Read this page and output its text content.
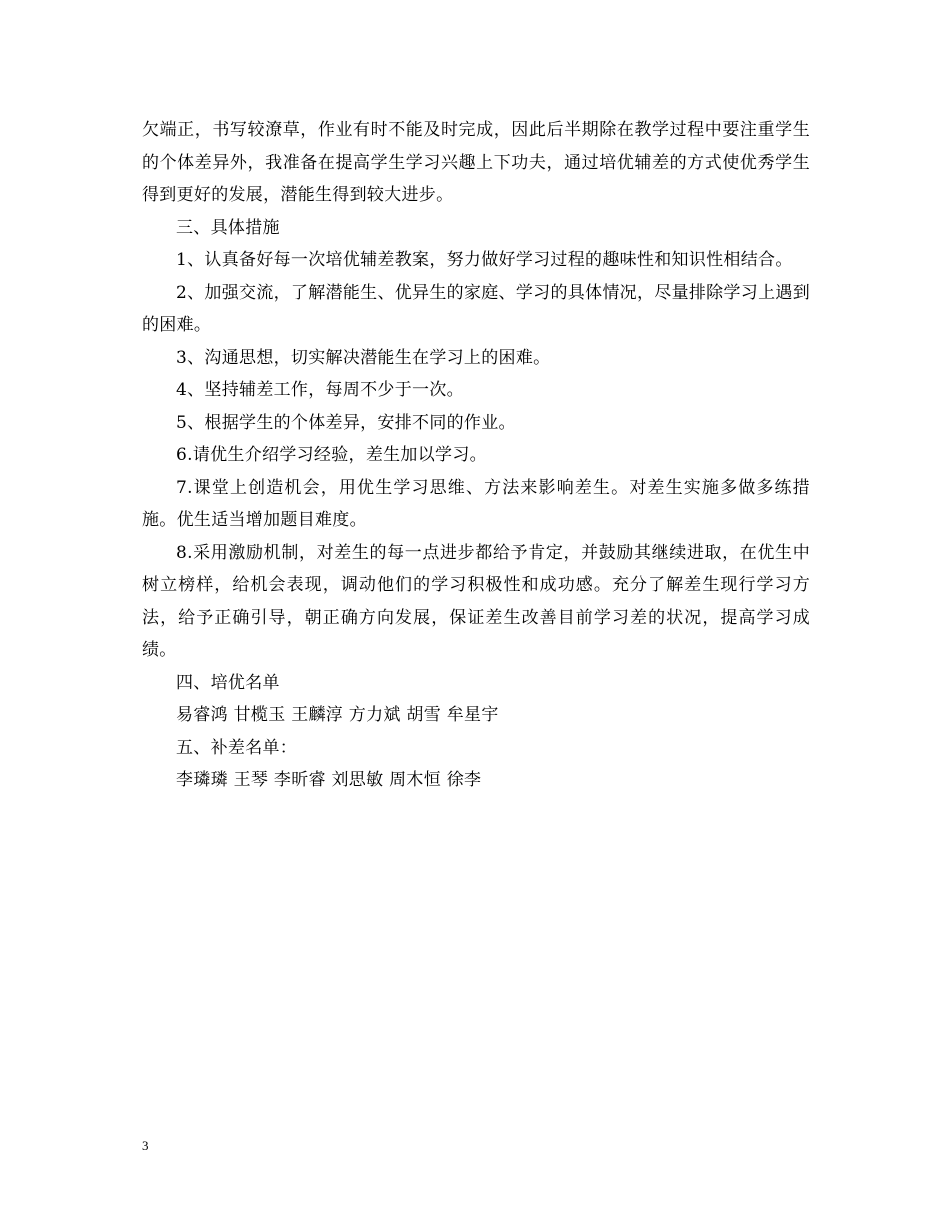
欠端正，书写较潦草，作业有时不能及时完成，因此后半期除在教学过程中要注重学生的个体差异外，我准备在提高学生学习兴趣上下功夫，通过培优辅差的方式使优秀学生得到更好的发展，潜能生得到较大进步。

三、具体措施

1、认真备好每一次培优辅差教案，努力做好学习过程的趣味性和知识性相结合。

2、加强交流，了解潜能生、优异生的家庭、学习的具体情况，尽量排除学习上遇到的困难。

3、沟通思想，切实解决潜能生在学习上的困难。

4、坚持辅差工作，每周不少于一次。

5、根据学生的个体差异，安排不同的作业。

6.请优生介绍学习经验，差生加以学习。

7.课堂上创造机会，用优生学习思维、方法来影响差生。对差生实施多做多练措施。优生适当增加题目难度。

8.采用激励机制，对差生的每一点进步都给予肯定，并鼓励其继续进取，在优生中树立榜样，给机会表现，调动他们的学习积极性和成功感。充分了解差生现行学习方法，给予正确引导，朝正确方向发展，保证差生改善目前学习差的状况，提高学习成绩。

四、培优名单

易睿鸿 甘榄玉 王麟淳 方力斌 胡雪 牟星宇

五、补差名单：

李璘璘 王琴 李昕睿 刘思敏 周木恒 徐李

3
